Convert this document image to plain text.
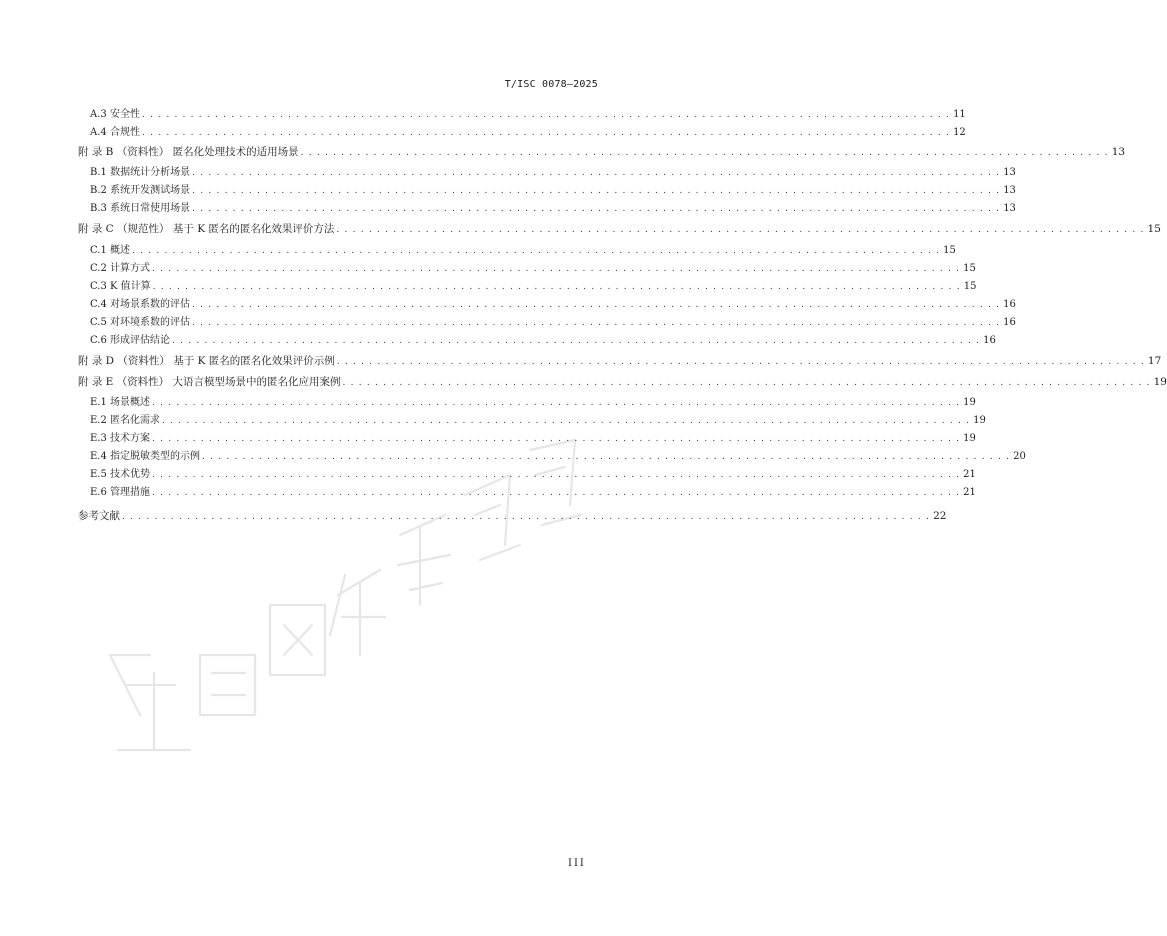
T/ISC 0078—2025
A.3 安全性 . . . . . . . . . . . . . . . . . . . . . . . . . . . . . . . . . . . . . . . . . . . . . . . . . . . . . . . . . . . . . . . . . . . . . . . . . . . . . . . . . . . . . . . . . . . . . . . . . . . . 11
A.4 合规性 . . . . . . . . . . . . . . . . . . . . . . . . . . . . . . . . . . . . . . . . . . . . . . . . . . . . . . . . . . . . . . . . . . . . . . . . . . . . . . . . . . . . . . . . . . . . . . . . . . . . 12
附 录 B （资料性） 匿名化处理技术的适用场景 . . . . . . . . . . . . . . . . . . . . . . . . . . . . . . . . . . . . . . . . . . . . . . . . . . . . . . . . . . . . . . . . . . . . . . . . . . . . . . . . . . . . . . . . . . . . . . . . . . . . 13
B.1 数据统计分析场景 . . . . . . . . . . . . . . . . . . . . . . . . . . . . . . . . . . . . . . . . . . . . . . . . . . . . . . . . . . . . . . . . . . . . . . . . . . . . . . . . . . . . . . . . . . . . . . . . . . . . 13
B.2 系统开发测试场景 . . . . . . . . . . . . . . . . . . . . . . . . . . . . . . . . . . . . . . . . . . . . . . . . . . . . . . . . . . . . . . . . . . . . . . . . . . . . . . . . . . . . . . . . . . . . . . . . . . . . 13
B.3 系统日常使用场景 . . . . . . . . . . . . . . . . . . . . . . . . . . . . . . . . . . . . . . . . . . . . . . . . . . . . . . . . . . . . . . . . . . . . . . . . . . . . . . . . . . . . . . . . . . . . . . . . . . . . 13
附 录 C （规范性） 基于 K 匿名的匿名化效果评价方法 . . . . . . . . . . . . . . . . . . . . . . . . . . . . . . . . . . . . . . . . . . . . . . . . . . . . . . . . . . . . . . . . . . . . . . . . . . . . . . . . . . . . . . . . . . . . . . . . . . . . 15
C.1 概述 . . . . . . . . . . . . . . . . . . . . . . . . . . . . . . . . . . . . . . . . . . . . . . . . . . . . . . . . . . . . . . . . . . . . . . . . . . . . . . . . . . . . . . . . . . . . . . . . . . . . 15
C.2 计算方式 . . . . . . . . . . . . . . . . . . . . . . . . . . . . . . . . . . . . . . . . . . . . . . . . . . . . . . . . . . . . . . . . . . . . . . . . . . . . . . . . . . . . . . . . . . . . . . . . . . . . 15
C.3 K 值计算 . . . . . . . . . . . . . . . . . . . . . . . . . . . . . . . . . . . . . . . . . . . . . . . . . . . . . . . . . . . . . . . . . . . . . . . . . . . . . . . . . . . . . . . . . . . . . . . . . . . . 15
C.4 对场景系数的评估 . . . . . . . . . . . . . . . . . . . . . . . . . . . . . . . . . . . . . . . . . . . . . . . . . . . . . . . . . . . . . . . . . . . . . . . . . . . . . . . . . . . . . . . . . . . . . . . . . . . . 16
C.5 对环境系数的评估 . . . . . . . . . . . . . . . . . . . . . . . . . . . . . . . . . . . . . . . . . . . . . . . . . . . . . . . . . . . . . . . . . . . . . . . . . . . . . . . . . . . . . . . . . . . . . . . . . . . . 16
C.6 形成评估结论 . . . . . . . . . . . . . . . . . . . . . . . . . . . . . . . . . . . . . . . . . . . . . . . . . . . . . . . . . . . . . . . . . . . . . . . . . . . . . . . . . . . . . . . . . . . . . . . . . . . . 16
附 录 D （资料性） 基于 K 匿名的匿名化效果评价示例 . . . . . . . . . . . . . . . . . . . . . . . . . . . . . . . . . . . . . . . . . . . . . . . . . . . . . . . . . . . . . . . . . . . . . . . . . . . . . . . . . . . . . . . . . . . . . . . . . . . . 17
附 录 E （资料性） 大语言模型场景中的匿名化应用案例 . . . . . . . . . . . . . . . . . . . . . . . . . . . . . . . . . . . . . . . . . . . . . . . . . . . . . . . . . . . . . . . . . . . . . . . . . . . . . . . . . . . . . . . . . . . . . . . . . . . . 19
E.1 场景概述 . . . . . . . . . . . . . . . . . . . . . . . . . . . . . . . . . . . . . . . . . . . . . . . . . . . . . . . . . . . . . . . . . . . . . . . . . . . . . . . . . . . . . . . . . . . . . . . . . . . . 19
E.2 匿名化需求 . . . . . . . . . . . . . . . . . . . . . . . . . . . . . . . . . . . . . . . . . . . . . . . . . . . . . . . . . . . . . . . . . . . . . . . . . . . . . . . . . . . . . . . . . . . . . . . . . . . . 19
E.3 技术方案 . . . . . . . . . . . . . . . . . . . . . . . . . . . . . . . . . . . . . . . . . . . . . . . . . . . . . . . . . . . . . . . . . . . . . . . . . . . . . . . . . . . . . . . . . . . . . . . . . . . . 19
E.4 指定脱敏类型的示例 . . . . . . . . . . . . . . . . . . . . . . . . . . . . . . . . . . . . . . . . . . . . . . . . . . . . . . . . . . . . . . . . . . . . . . . . . . . . . . . . . . . . . . . . . . . . . . . . . . . . 20
E.5 技术优势 . . . . . . . . . . . . . . . . . . . . . . . . . . . . . . . . . . . . . . . . . . . . . . . . . . . . . . . . . . . . . . . . . . . . . . . . . . . . . . . . . . . . . . . . . . . . . . . . . . . . 21
E.6 管理措施 . . . . . . . . . . . . . . . . . . . . . . . . . . . . . . . . . . . . . . . . . . . . . . . . . . . . . . . . . . . . . . . . . . . . . . . . . . . . . . . . . . . . . . . . . . . . . . . . . . . . 21
参考文献 . . . . . . . . . . . . . . . . . . . . . . . . . . . . . . . . . . . . . . . . . . . . . . . . . . . . . . . . . . . . . . . . . . . . . . . . . . . . . . . . . . . . . . . . . . . . . . . . . . . . 22
III
